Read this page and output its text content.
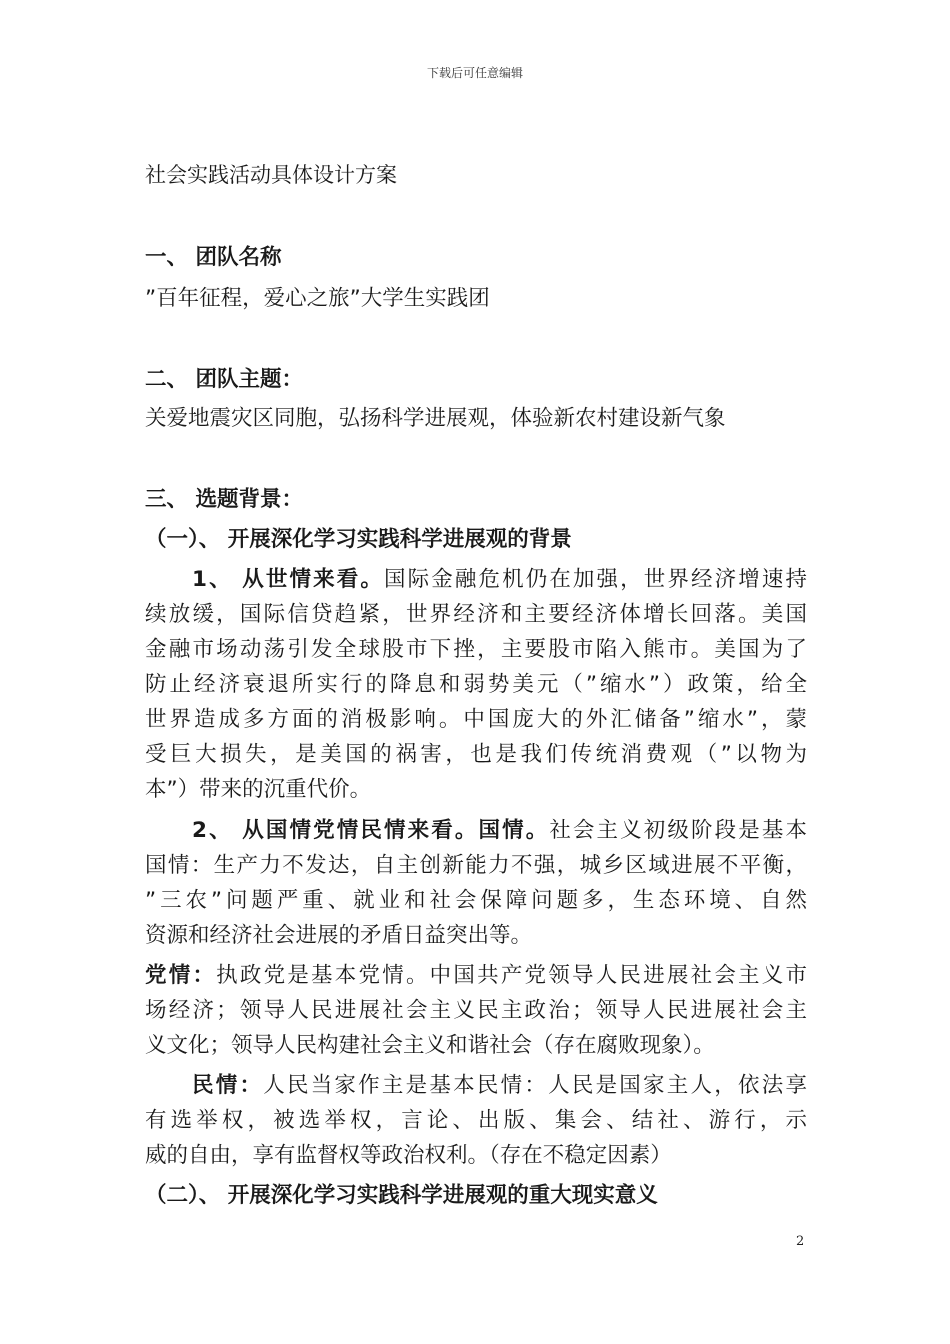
下载后可任意编辑
社会实践活动具体设计方案
一、 团队名称
”百年征程，爱心之旅”大学生实践团
二、 团队主题：
关爱地震灾区同胞，弘扬科学进展观，体验新农村建设新气象
三、 选题背景：
（一）、 开展深化学习实践科学进展观的背景
1、 从世情来看。国际金融危机仍在加强，世界经济增速持
续放缓，国际信贷趋紧，世界经济和主要经济体增长回落。美国
金融市场动荡引发全球股市下挫，主要股市陷入熊市。美国为了
防止经济衰退所实行的降息和弱势美元（”缩水”）政策，给全
世界造成多方面的消极影响。中国庞大的外汇储备”缩水”，蒙
受巨大损失，是美国的祸害，也是我们传统消费观（”以物为
本”）带来的沉重代价。
2、 从国情党情民情来看。国情。社会主义初级阶段是基本
国情：生产力不发达，自主创新能力不强，城乡区域进展不平衡，
”三农”问题严重、就业和社会保障问题多，生态环境、自然
资源和经济社会进展的矛盾日益突出等。
党情：执政党是基本党情。中国共产党领导人民进展社会主义市
场经济；领导人民进展社会主义民主政治；领导人民进展社会主
义文化；领导人民构建社会主义和谐社会（存在腐败现象）。
民情：人民当家作主是基本民情：人民是国家主人，依法享
有选举权，被选举权，言论、出版、集会、结社、游行，示
威的自由，享有监督权等政治权利。（存在不稳定因素）
（二）、 开展深化学习实践科学进展观的重大现实意义
2
